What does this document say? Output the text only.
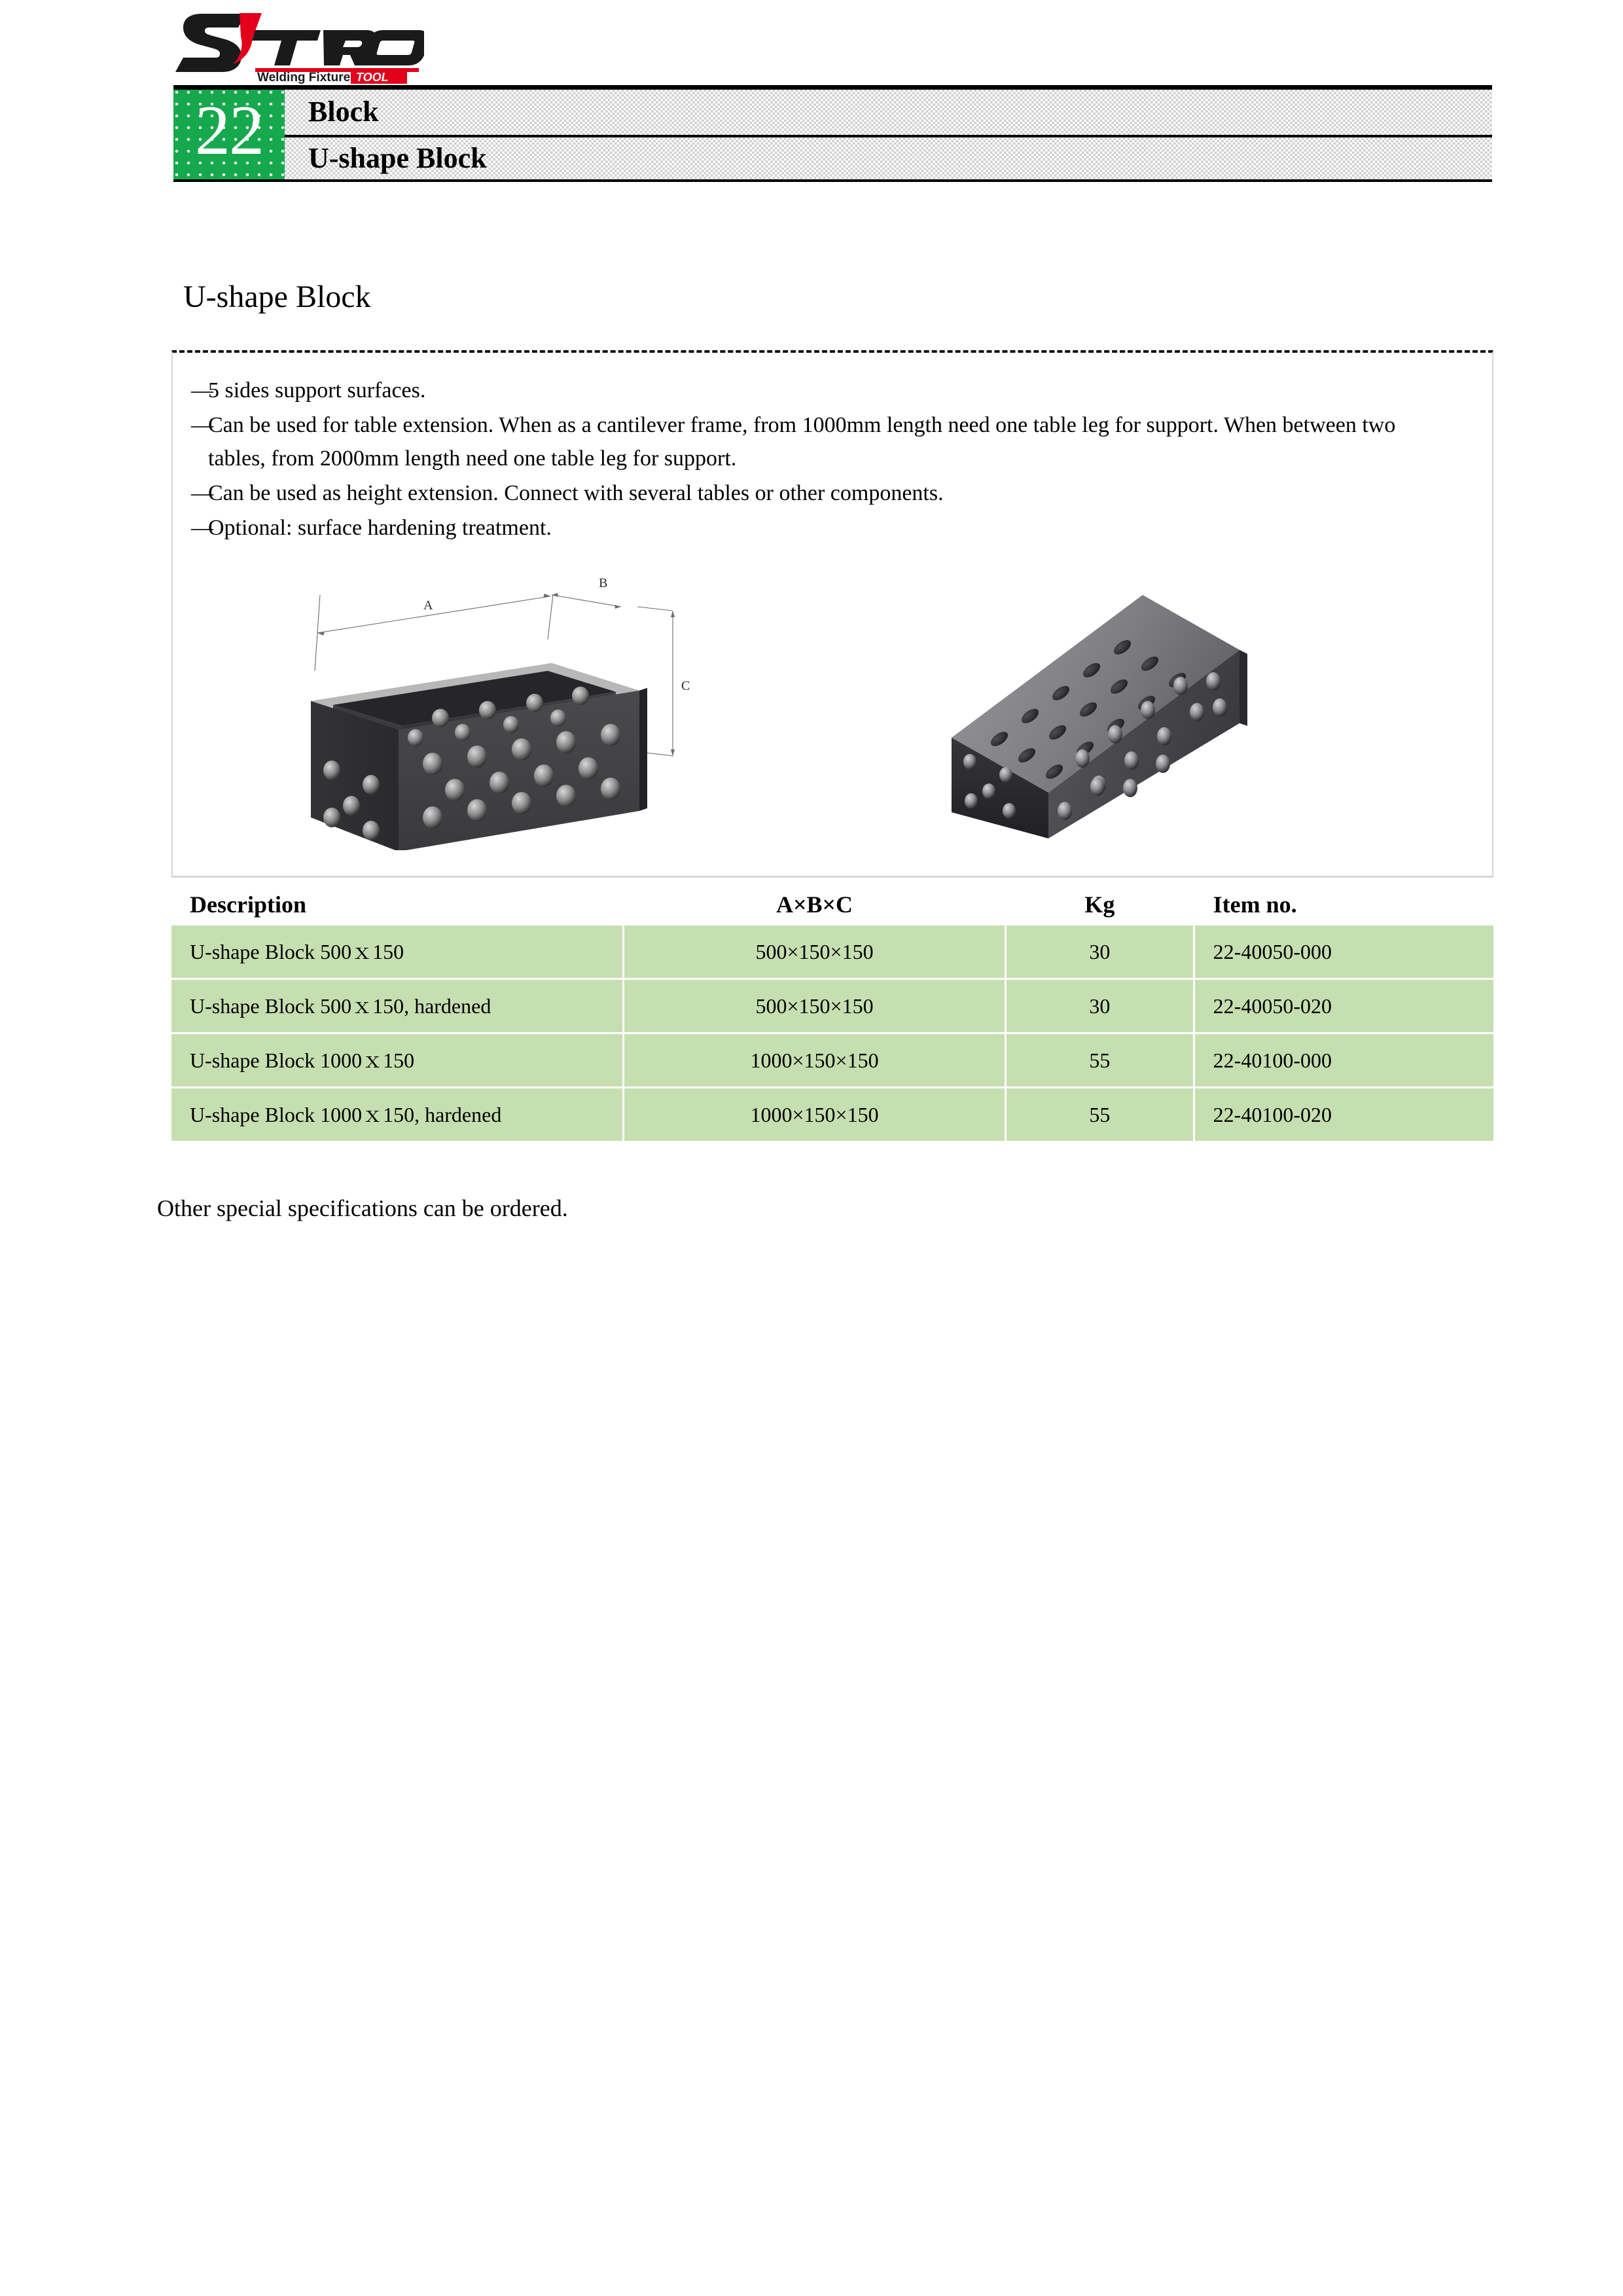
Welding Fixture TOOL
22 Block
U-shape Block
U-shape Block
—
5 sides support surfaces.
—
Can be used for table extension. When as a cantilever frame, from 1000mm length need one table leg for support. When between two tables, from 2000mm length need one table leg for support.
—
Can be used as height extension. Connect with several tables or other components.
—
Optional: surface hardening treatment.
A
B
C
Description	A×B×C	Kg	Item no.
U-shape Block 500ｘ150	500×150×150	30	22-40050-000
U-shape Block 500ｘ150, hardened	500×150×150	30	22-40050-020
U-shape Block 1000ｘ150	1000×150×150	55	22-40100-000
U-shape Block 1000ｘ150, hardened	1000×150×150	55	22-40100-020
Other special specifications can be ordered.
